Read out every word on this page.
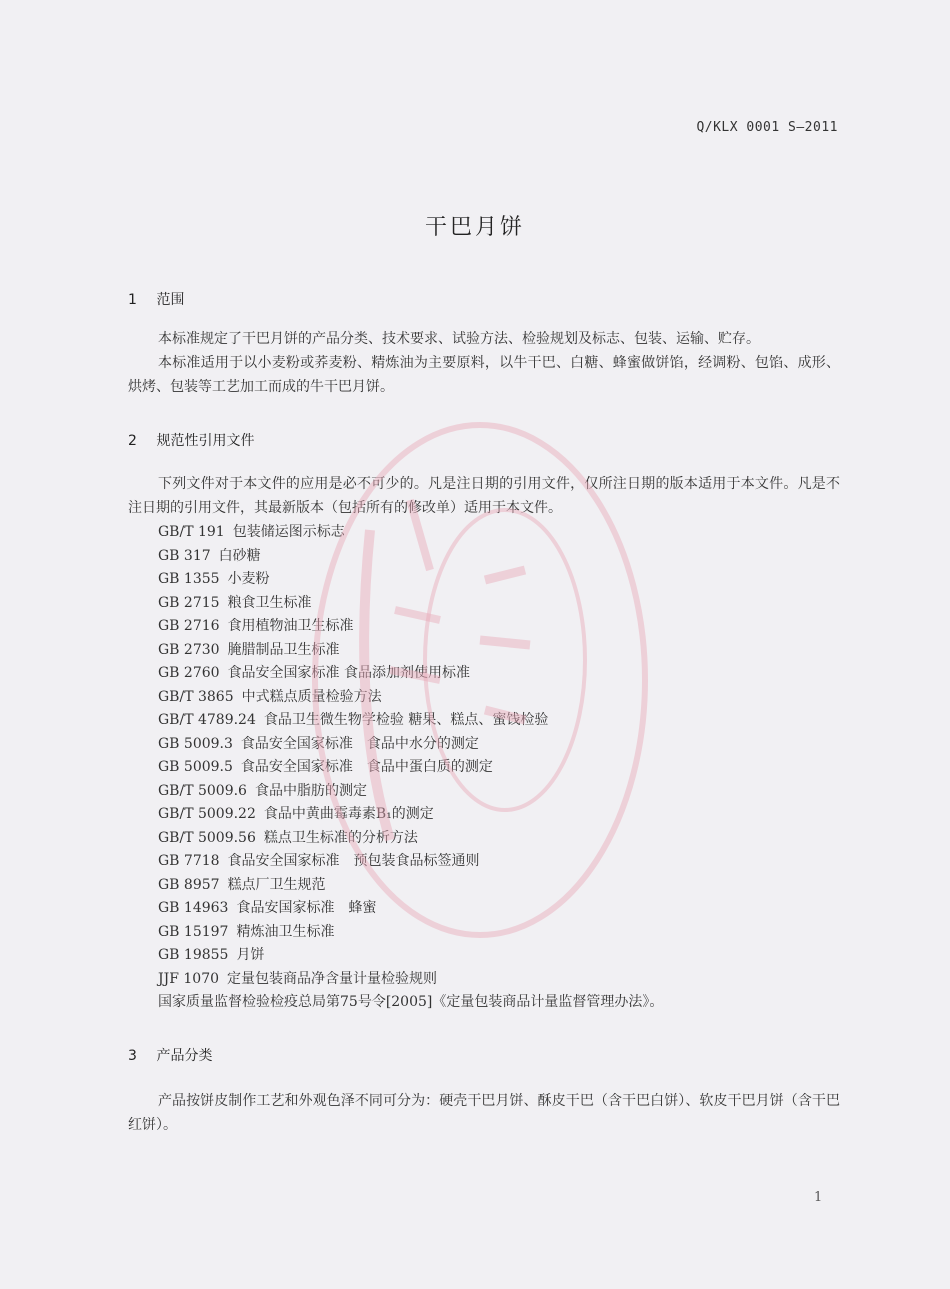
Q/KLX 0001 S—2011
干巴月饼
1 范围

本标准规定了干巴月饼的产品分类、技术要求、试验方法、检验规划及标志、包装、运输、贮存。

本标准适用于以小麦粉或荞麦粉、精炼油为主要原料，以牛干巴、白糖、蜂蜜做饼馅，经调粉、包馅、成形、烘烤、包装等工艺加工而成的牛干巴月饼。

2 规范性引用文件

下列文件对于本文件的应用是必不可少的。凡是注日期的引用文件，仅所注日期的版本适用于本文件。凡是不注日期的引用文件，其最新版本（包括所有的修改单）适用于本文件。

GB/T 191 包装储运图示标志
GB 317 白砂糖
GB 1355 小麦粉
GB 2715 粮食卫生标准
GB 2716 食用植物油卫生标准
GB 2730 腌腊制品卫生标准
GB 2760 食品安全国家标准 食品添加剂使用标准
GB/T 3865 中式糕点质量检验方法
GB/T 4789.24 食品卫生微生物学检验 糖果、糕点、蜜饯检验
GB 5009.3 食品安全国家标准　食品中水分的测定
GB 5009.5 食品安全国家标准　食品中蛋白质的测定
GB/T 5009.6 食品中脂肪的测定
GB/T 5009.22 食品中黄曲霉毒素B₁的测定
GB/T 5009.56 糕点卫生标准的分析方法
GB 7718 食品安全国家标准　预包装食品标签通则
GB 8957 糕点厂卫生规范
GB 14963 食品安国家标准　蜂蜜
GB 15197 精炼油卫生标准
GB 19855 月饼
JJF 1070 定量包装商品净含量计量检验规则
国家质量监督检验检疫总局第75号令[2005]《定量包装商品计量监督管理办法》。
3 产品分类

产品按饼皮制作工艺和外观色泽不同可分为：硬壳干巴月饼、酥皮干巴（含干巴白饼）、软皮干巴月饼（含干巴红饼）。

1
